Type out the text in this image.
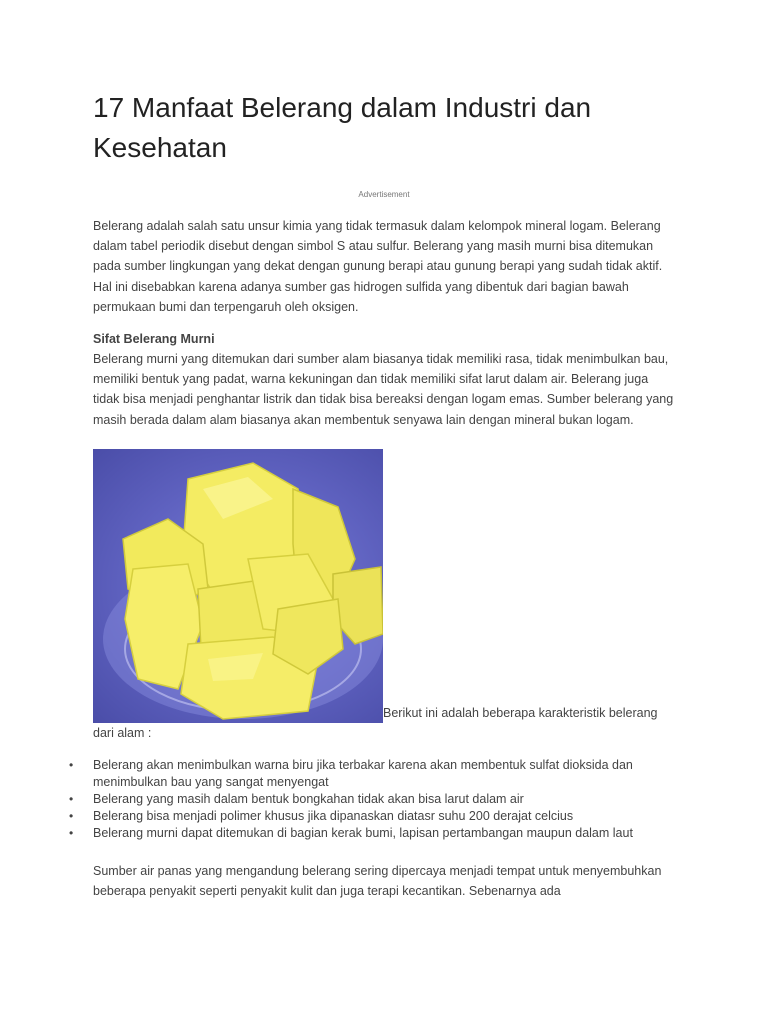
17 Manfaat Belerang dalam Industri dan Kesehatan
Advertisement

Belerang adalah salah satu unsur kimia yang tidak termasuk dalam kelompok mineral logam. Belerang dalam tabel periodik disebut dengan simbol S atau sulfur. Belerang yang masih murni bisa ditemukan pada sumber lingkungan yang dekat dengan gunung berapi atau gunung berapi yang sudah tidak aktif. Hal ini disebabkan karena adanya sumber gas hidrogen sulfida yang dibentuk dari bagian bawah permukaan bumi dan terpengaruh oleh oksigen.

Sifat Belerang Murni

Belerang murni yang ditemukan dari sumber alam biasanya tidak memiliki rasa, tidak menimbulkan bau, memiliki bentuk yang padat, warna kekuningan dan tidak memiliki sifat larut dalam air. Belerang juga tidak bisa menjadi penghantar listrik dan tidak bisa bereaksi dengan logam emas. Sumber belerang yang masih berada dalam alam biasanya akan membentuk senyawa lain dengan mineral bukan logam.

Berikut ini adalah beberapa karakteristik belerang
dari alam :
• Belerang akan menimbulkan warna biru jika terbakar karena akan membentuk sulfat dioksida dan menimbulkan bau yang sangat menyengat
• Belerang yang masih dalam bentuk bongkahan tidak akan bisa larut dalam air
• Belerang bisa menjadi polimer khusus jika dipanaskan diatasr suhu 200 derajat celcius
• Belerang murni dapat ditemukan di bagian kerak bumi, lapisan pertambangan maupun dalam laut

Sumber air panas yang mengandung belerang sering dipercaya menjadi tempat untuk menyembuhkan beberapa penyakit seperti penyakit kulit dan juga terapi kecantikan. Sebenarnya ada
